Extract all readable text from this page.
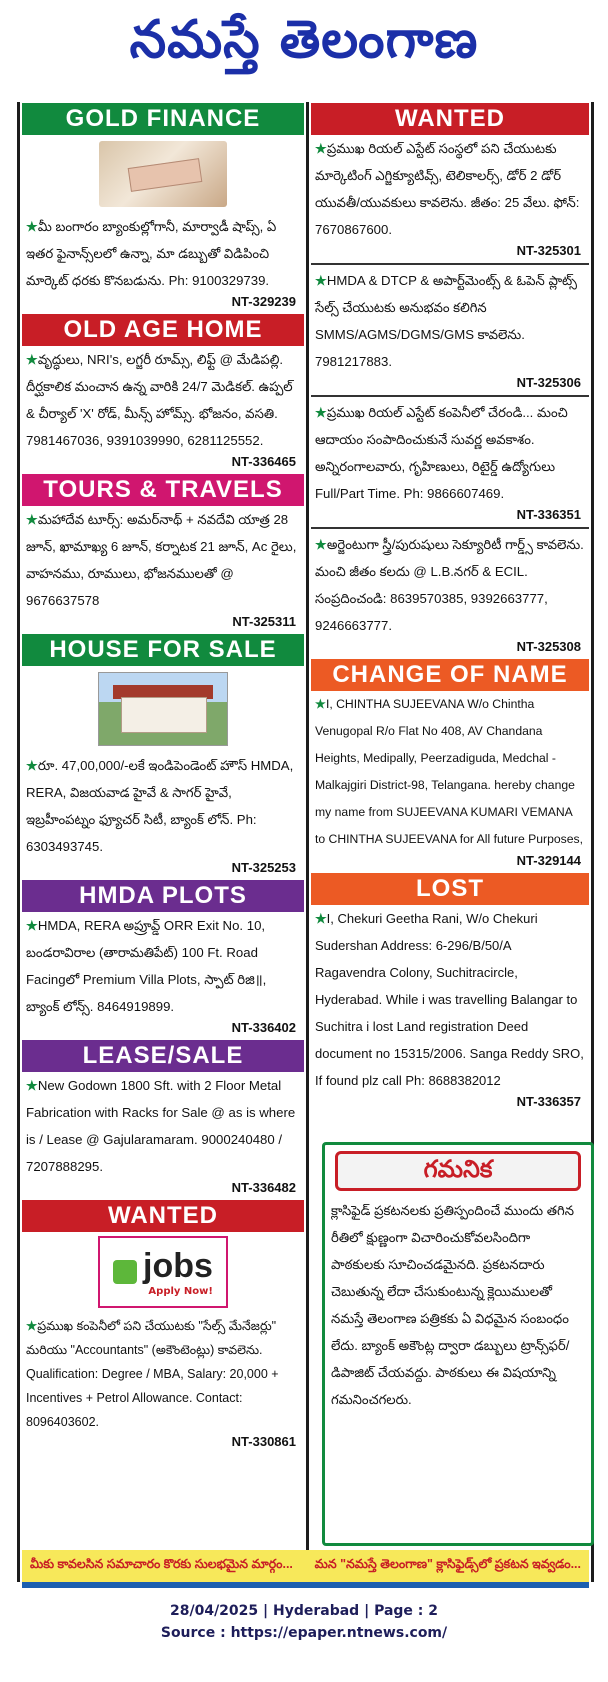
నమస్తే తెలంగాణ
GOLD FINANCE
★మీ బంగారం బ్యాంకుల్లోగానీ, మార్వాడీ షాప్స్, ఏ ఇతర ఫైనాన్స్‌లలో ఉన్నా, మా డబ్బుతో విడిపించి మార్కెట్ ధరకు కొనబడును. Ph: 9100329739.
NT-329239
OLD AGE HOME
★వృద్ధులు, NRI's, లగ్జరీ రూమ్స్, లిఫ్ట్ @ మేడిపల్లి. దీర్ఘకాలిక మంచాన ఉన్న వారికి 24/7 మెడికల్. ఉప్పల్ & చీర్యాల్ 'X' రోడ్, మీన్స్ హోమ్స్. భోజనం, వసతి. 7981467036, 9391039990, 6281125552.
NT-336465
TOURS & TRAVELS
★మహాదేవ టూర్స్: అమర్‌నాథ్ + నవదేవి యాత్ర 28 జూన్, ఖామాఖ్య 6 జూన్, కర్నాటక 21 జూన్, Ac రైలు, వాహనము, రూములు, భోజనములతో @ 9676637578
NT-325311
HOUSE FOR SALE
★రూ. 47,00,000/-లకే ఇండిపెండెంట్ హౌస్ HMDA, RERA, విజయవాడ హైవే & సాగర్ హైవే, ఇబ్రహీంపట్నం ఫ్యూచర్ సిటీ, బ్యాంక్ లోన్. Ph: 6303493745.
NT-325253
HMDA PLOTS
★HMDA, RERA అప్రూవ్డ్ ORR Exit No. 10, బండరావిరాల (తారామతిపేట్) 100 Ft. Road Facingలో Premium Villa Plots, స్పాట్ రిజి॥, బ్యాంక్ లోన్స్. 8464919899.
NT-336402
LEASE/SALE
★New Godown 1800 Sft. with 2 Floor Metal Fabrication with Racks for Sale @ as is where is / Lease @ Gajularamaram. 9000240480 / 7207888295.
NT-336482
WANTED
jobs
Apply Now!
★ప్రముఖ కంపెనీలో పని చేయుటకు "సేల్స్ మేనేజర్లు" మరియు "Accountants" (అకౌంటెంట్లు) కావలెను. Qualification: Degree / MBA, Salary: 20,000 + Incentives + Petrol Allowance. Contact: 8096403602.
NT-330861
WANTED
★ప్రముఖ రియల్ ఎస్టేట్ సంస్థలో పని చేయుటకు మార్కెటింగ్ ఎగ్జిక్యూటివ్స్, టెలికాలర్స్, డోర్ 2 డోర్ యువతీ/యువకులు కావలెను. జీతం: 25 వేలు. ఫోన్: 7670867600.
NT-325301
★HMDA & DTCP & అపార్ట్‌మెంట్స్ & ఓపెన్ ప్లాట్స్ సేల్స్ చేయుటకు అనుభవం కలిగిన SMMS/AGMS/DGMS/GMS కావలెను. 7981217883.
NT-325306
★ప్రముఖ రియల్ ఎస్టేట్ కంపెనీలో చేరండి... మంచి ఆదాయం సంపాదించుకునే సువర్ణ అవకాశం. అన్నిరంగాలవారు, గృహిణులు, రిటైర్డ్ ఉద్యోగులు Full/Part Time. Ph: 9866607469.
NT-336351
★అర్జెంటుగా స్త్రీ/పురుషులు సెక్యూరిటీ గార్డ్స్ కావలెను. మంచి జీతం కలదు @ L.B.నగర్ & ECIL. సంప్రదించండి: 8639570385, 9392663777, 9246663777.
NT-325308
CHANGE OF NAME
★I, CHINTHA SUJEEVANA W/o Chintha Venugopal R/o Flat No 408, AV Chandana Heights, Medipally, Peerzadiguda, Medchal - Malkajgiri District-98, Telangana. hereby change my name from SUJEEVANA KUMARI VEMANA to CHINTHA SUJEEVANA for All future Purposes,
NT-329144
LOST
★I, Chekuri Geetha Rani, W/o Chekuri Sudershan Address: 6-296/B/50/A Ragavendra Colony, Suchitracircle, Hyderabad. While i was travelling Balangar to Suchitra i lost Land registration Deed document no 15315/2006. Sanga Reddy SRO, If found plz call Ph: 8688382012
NT-336357
గమనిక
క్లాసిఫైడ్ ప్రకటనలకు ప్రతిస్పందించే ముందు తగిన రీతిలో క్షుణ్ణంగా విచారించుకోవలసిందిగా పాఠకులకు సూచించడమైనది. ప్రకటనదారు చెబుతున్న లేదా చేసుకుంటున్న క్లెయిములతో నమస్తే తెలంగాణ పత్రికకు ఏ విధమైన సంబంధం లేదు. బ్యాంక్ అకౌంట్ల ద్వారా డబ్బులు ట్రాన్స్‌ఫర్/డిపాజిట్ చేయవద్దు. పాఠకులు ఈ విషయాన్ని గమనించగలరు.
మీకు కావలసిన సమాచారం కొరకు సులభమైన మార్గం... మన "నమస్తే తెలంగాణ" క్లాసిఫైడ్స్‌లో ప్రకటన ఇవ్వడం...
28/04/2025 | Hyderabad | Page : 2
Source : https://epaper.ntnews.com/
